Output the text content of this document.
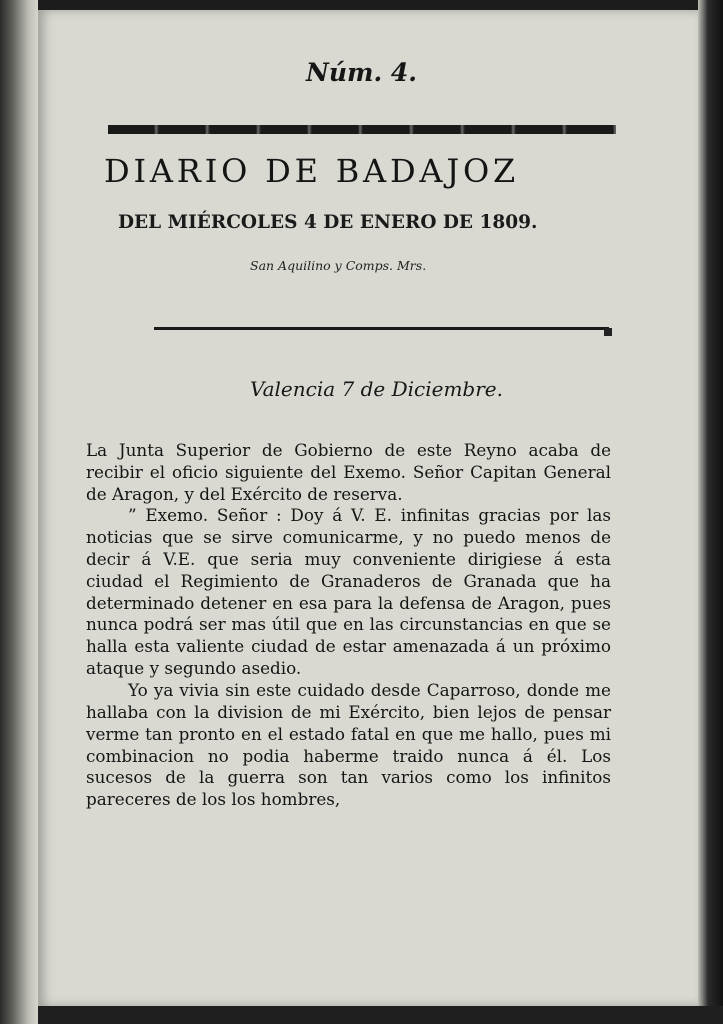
Núm. 4.
DIARIO DE BADAJOZ
DEL MIÉRCOLES 4 DE ENERO DE 1809.
San Aquilino y Comps. Mrs.
Valencia 7 de Diciembre.

La Junta Superior de Gobierno de este Reyno acaba de recibir el oficio siguiente del Exemo. Señor Capitan General de Aragon, y del Exército de reserva.

” Exemo. Señor : Doy á V. E. infinitas gracias por las noticias que se sirve comunicarme, y no puedo menos de decir á V.E. que seria muy conveniente dirigiese á esta ciudad el Regimiento de Granaderos de Granada que ha determinado detener en esa para la defensa de Aragon, pues nunca podrá ser mas útil que en las circunstancias en que se halla esta valiente ciudad de estar amenazada á un próximo ataque y segundo asedio.

Yo ya vivia sin este cuidado desde Caparroso, donde me hallaba con la division de mi Exército, bien lejos de pensar verme tan pronto en el estado fatal en que me hallo, pues mi combinacion no podia haberme traido nunca á él. Los sucesos de la guerra son tan varios como los infinitos pareceres de los los hombres,
